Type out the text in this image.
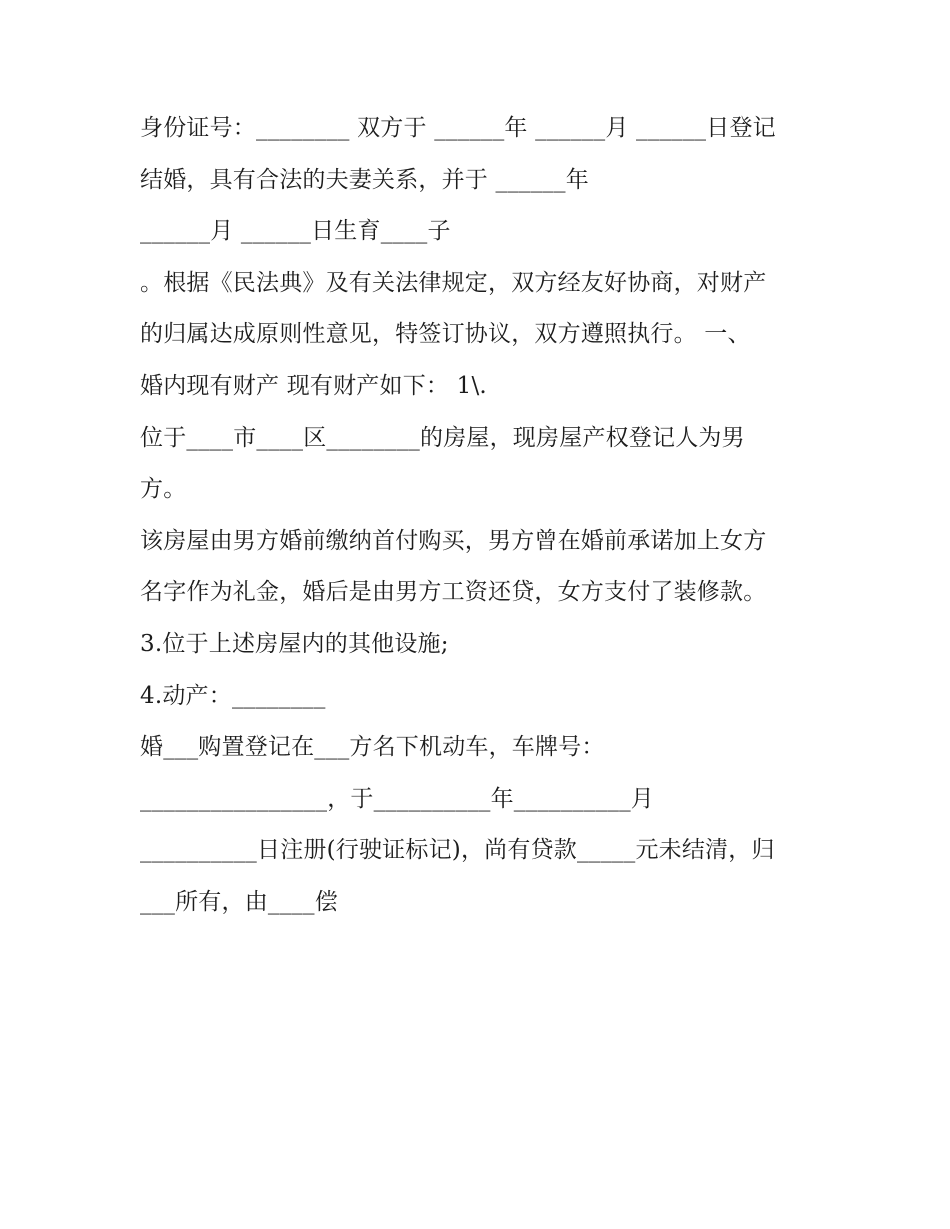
身份证号：________ 双方于 ______年 ______月 ______日登记
结婚，具有合法的夫妻关系，并于 ______年
______月 ______日生育____子
。根据《民法典》及有关法律规定，双方经友好协商，对财产
的归属达成原则性意见，特签订协议，双方遵照执行。 一、
婚内现有财产 现有财产如下： 1\.
位于____市____区________的房屋，现房屋产权登记人为男
方。
该房屋由男方婚前缴纳首付购买，男方曾在婚前承诺加上女方
名字作为礼金，婚后是由男方工资还贷，女方支付了装修款。
3.位于上述房屋内的其他设施;
4.动产：________
婚___购置登记在___方名下机动车，车牌号：
________________，于__________年__________月
__________日注册(行驶证标记)，尚有贷款_____元未结清，归
___所有，由____偿
